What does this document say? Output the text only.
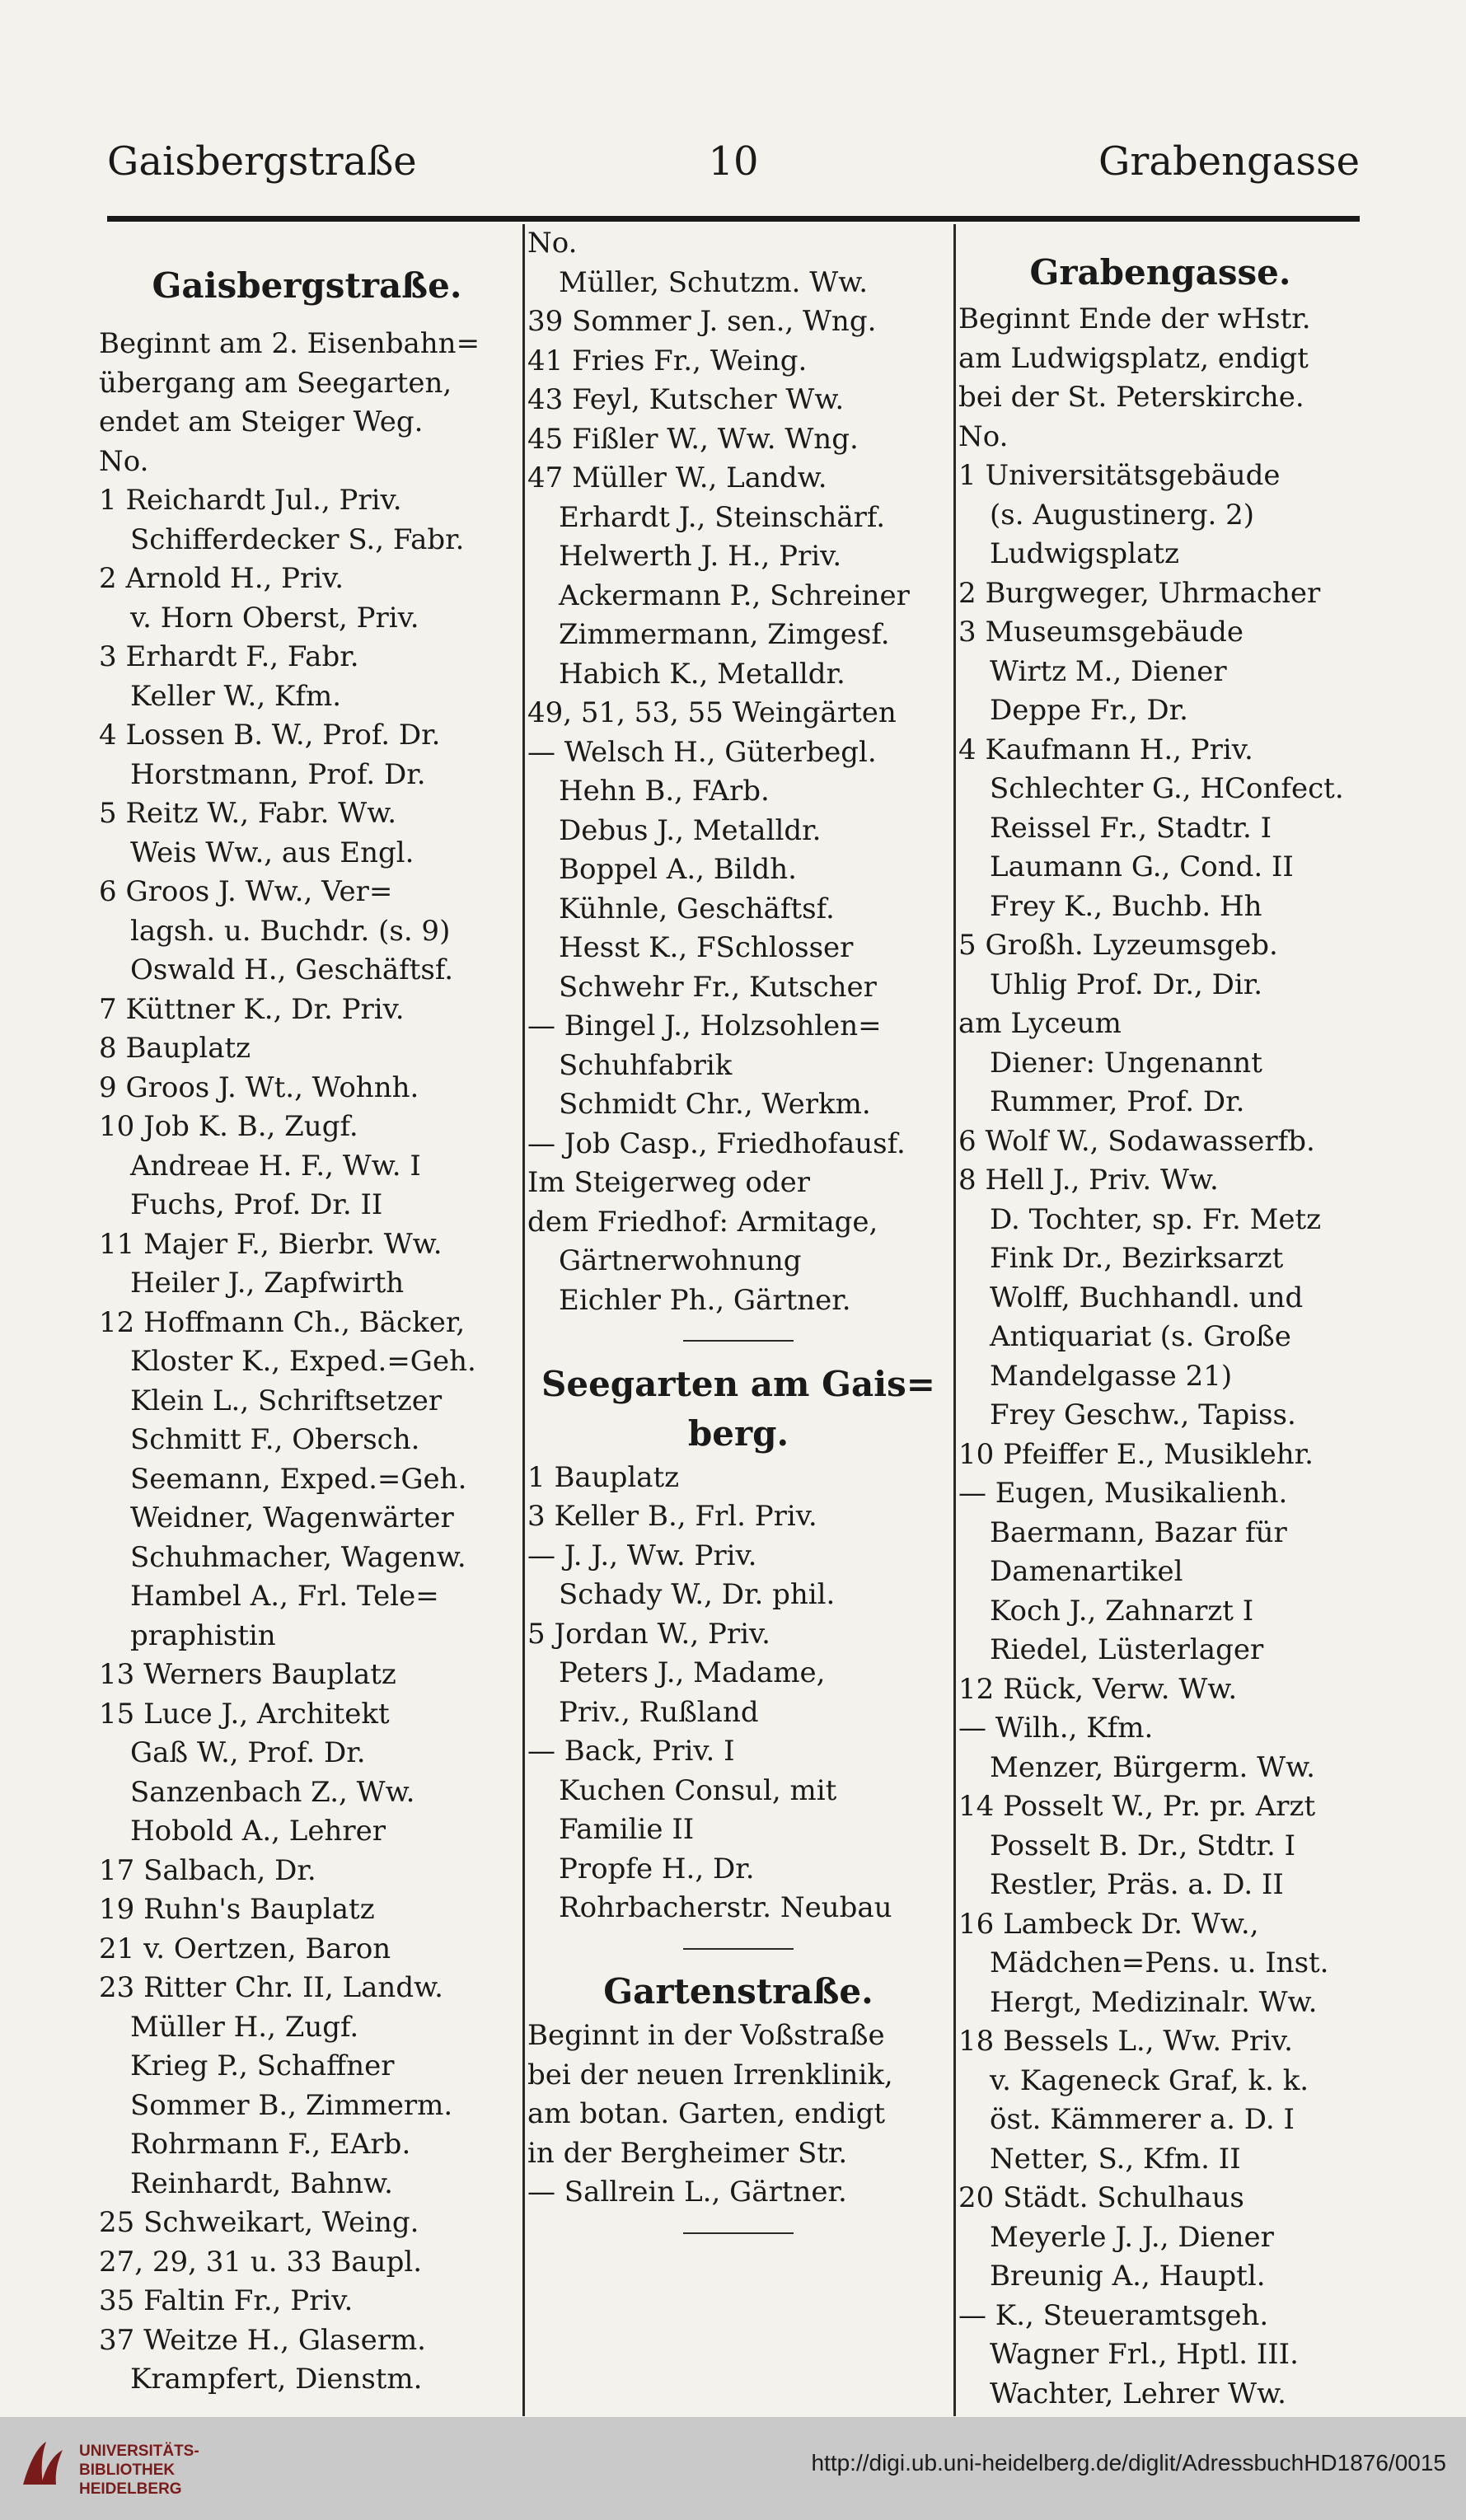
Gaisbergstraße	10	Grabengasse
Gaisbergstraße.
Beginnt am 2. Eisenbahn=
übergang am Seegarten,
endet am Steiger Weg.
No.
1 Reichardt Jul., Priv.
Schifferdecker S., Fabr.
2 Arnold H., Priv.
v. Horn Oberst, Priv.
3 Erhardt F., Fabr.
Keller W., Kfm.
4 Lossen B. W., Prof. Dr.
Horstmann, Prof. Dr.
5 Reitz W., Fabr. Ww.
Weis Ww., aus Engl.
6 Groos J. Ww., Ver=
lagsh. u. Buchdr. (s. 9)
Oswald H., Geschäftsf.
7 Küttner K., Dr. Priv.
8 Bauplatz
9 Groos J. Wt., Wohnh.
10 Job K. B., Zugf.
Andreae H. F., Ww. I
Fuchs, Prof. Dr. II
11 Majer F., Bierbr. Ww.
Heiler J., Zapfwirth
12 Hoffmann Ch., Bäcker,
Kloster K., Exped.=Geh.
Klein L., Schriftsetzer
Schmitt F., Obersch.
Seemann, Exped.=Geh.
Weidner, Wagenwärter
Schuhmacher, Wagenw.
Hambel A., Frl. Tele=
praphistin
13 Werners Bauplatz
15 Luce J., Architekt
Gaß W., Prof. Dr.
Sanzenbach Z., Ww.
Hobold A., Lehrer
17 Salbach, Dr.
19 Ruhn's Bauplatz
21 v. Oertzen, Baron
23 Ritter Chr. II, Landw.
Müller H., Zugf.
Krieg P., Schaffner
Sommer B., Zimmerm.
Rohrmann F., EArb.
Reinhardt, Bahnw.
25 Schweikart, Weing.
27, 29, 31 u. 33 Baupl.
35 Faltin Fr., Priv.
37 Weitze H., Glaserm.
Krampfert, Dienstm.
No.
Müller, Schutzm. Ww.
39 Sommer J. sen., Wng.
41 Fries Fr., Weing.
43 Feyl, Kutscher Ww.
45 Fißler W., Ww. Wng.
47 Müller W., Landw.
Erhardt J., Steinschärf.
Helwerth J. H., Priv.
Ackermann P., Schreiner
Zimmermann, Zimgesf.
Habich K., Metalldr.
49, 51, 53, 55 Weingärten
— Welsch H., Güterbegl.
Hehn B., FArb.
Debus J., Metalldr.
Boppel A., Bildh.
Kühnle, Geschäftsf.
Hesst K., FSchlosser
Schwehr Fr., Kutscher
— Bingel J., Holzsohlen=
Schuhfabrik
Schmidt Chr., Werkm.
— Job Casp., Friedhofausf.
Im Steigerweg oder
dem Friedhof: Armitage,
Gärtnerwohnung
Eichler Ph., Gärtner.
Seegarten am Gais=
berg.
1 Bauplatz
3 Keller B., Frl. Priv.
— J. J., Ww. Priv.
Schady W., Dr. phil.
5 Jordan W., Priv.
Peters J., Madame,
Priv., Rußland
— Back, Priv. I
Kuchen Consul, mit
Familie II
Propfe H., Dr.
Rohrbacherstr. Neubau
Gartenstraße.
Beginnt in der Voßstraße
bei der neuen Irrenklinik,
am botan. Garten, endigt
in der Bergheimer Str.
— Sallrein L., Gärtner.
Grabengasse.
Beginnt Ende der wHstr.
am Ludwigsplatz, endigt
bei der St. Peterskirche.
No.
1 Universitätsgebäude
(s. Augustinerg. 2)
Ludwigsplatz
2 Burgweger, Uhrmacher
3 Museumsgebäude
Wirtz M., Diener
Deppe Fr., Dr.
4 Kaufmann H., Priv.
Schlechter G., HConfect.
Reissel Fr., Stadtr. I
Laumann G., Cond. II
Frey K., Buchb. Hh
5 Großh. Lyzeumsgeb.
Uhlig Prof. Dr., Dir.
am Lyceum
Diener: Ungenannt
Rummer, Prof. Dr.
6 Wolf W., Sodawasserfb.
8 Hell J., Priv. Ww.
D. Tochter, sp. Fr. Metz
Fink Dr., Bezirksarzt
Wolff, Buchhandl. und
Antiquariat (s. Große
Mandelgasse 21)
Frey Geschw., Tapiss.
10 Pfeiffer E., Musiklehr.
— Eugen, Musikalienh.
Baermann, Bazar für
Damenartikel
Koch J., Zahnarzt I
Riedel, Lüsterlager
12 Rück, Verw. Ww.
— Wilh., Kfm.
Menzer, Bürgerm. Ww.
14 Posselt W., Pr. pr. Arzt
Posselt B. Dr., Stdtr. I
Restler, Präs. a. D. II
16 Lambeck Dr. Ww.,
Mädchen=Pens. u. Inst.
Hergt, Medizinalr. Ww.
18 Bessels L., Ww. Priv.
v. Kageneck Graf, k. k.
öst. Kämmerer a. D. I
Netter, S., Kfm. II
20 Städt. Schulhaus
Meyerle J. J., Diener
Breunig A., Hauptl.
— K., Steueramtsgeh.
Wagner Frl., Hptl. III.
Wachter, Lehrer Ww.
UNIVERSITÄTS-
BIBLIOTHEK
HEIDELBERG
http://digi.ub.uni-heidelberg.de/diglit/AdressbuchHD1876/0015
